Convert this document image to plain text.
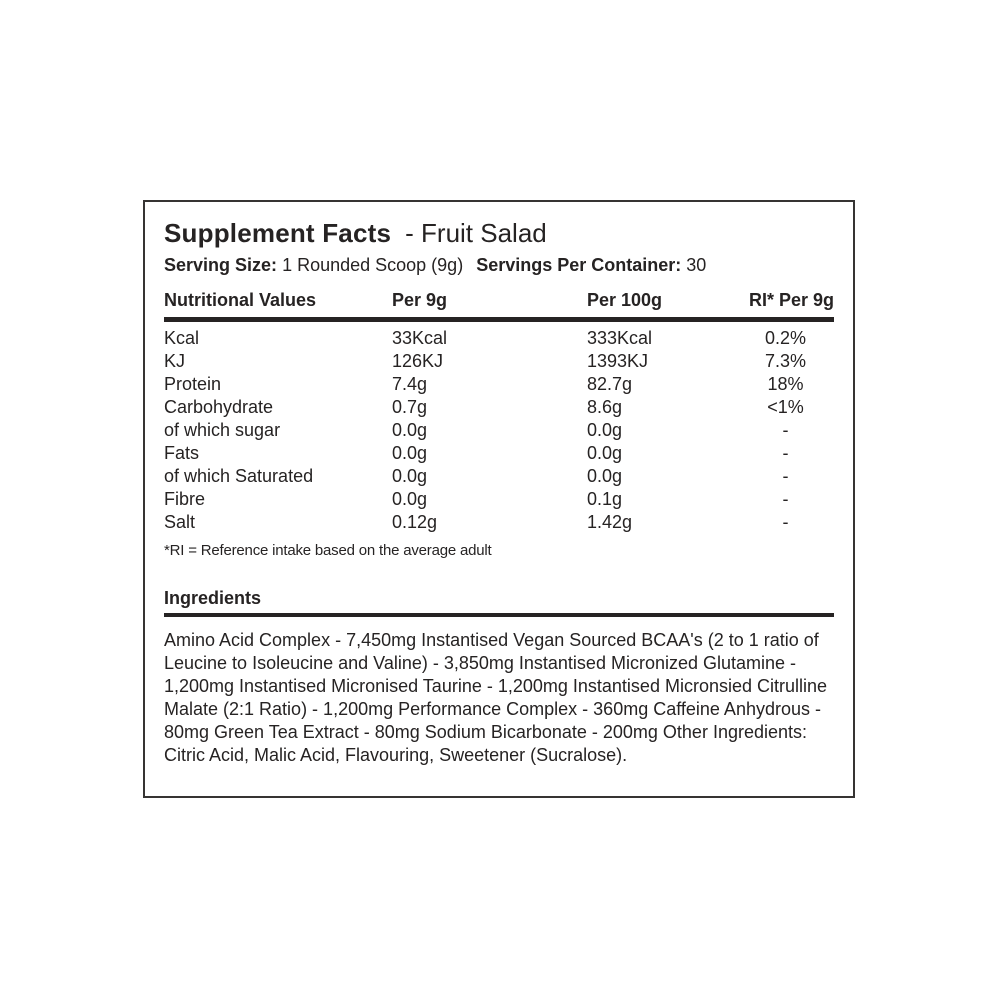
Supplement Facts - Fruit Salad
Serving Size: 1 Rounded Scoop (9g) Servings Per Container: 30
Nutritional Values	Per 9g	Per 100g	RI* Per 9g
Kcal	33Kcal	333Kcal	0.2%
KJ	126KJ	1393KJ	7.3%
Protein	7.4g	82.7g	18%
Carbohydrate	0.7g	8.6g	<1%
of which sugar	0.0g	0.0g	-
Fats	0.0g	0.0g	-
of which Saturated	0.0g	0.0g	-
Fibre	0.0g	0.1g	-
Salt	0.12g	1.42g	-
*RI = Reference intake based on the average adult
Ingredients
Amino Acid Complex - 7,450mg Instantised Vegan Sourced BCAA's (2 to 1 ratio of Leucine to Isoleucine and Valine) - 3,850mg Instantised Micronized Glutamine - 1,200mg Instantised Micronised Taurine - 1,200mg Instantised Micronsied Citrulline Malate (2:1 Ratio) - 1,200mg Performance Complex - 360mg Caffeine Anhydrous - 80mg Green Tea Extract - 80mg Sodium Bicarbonate - 200mg Other Ingredients: Citric Acid, Malic Acid, Flavouring, Sweetener (Sucralose).
